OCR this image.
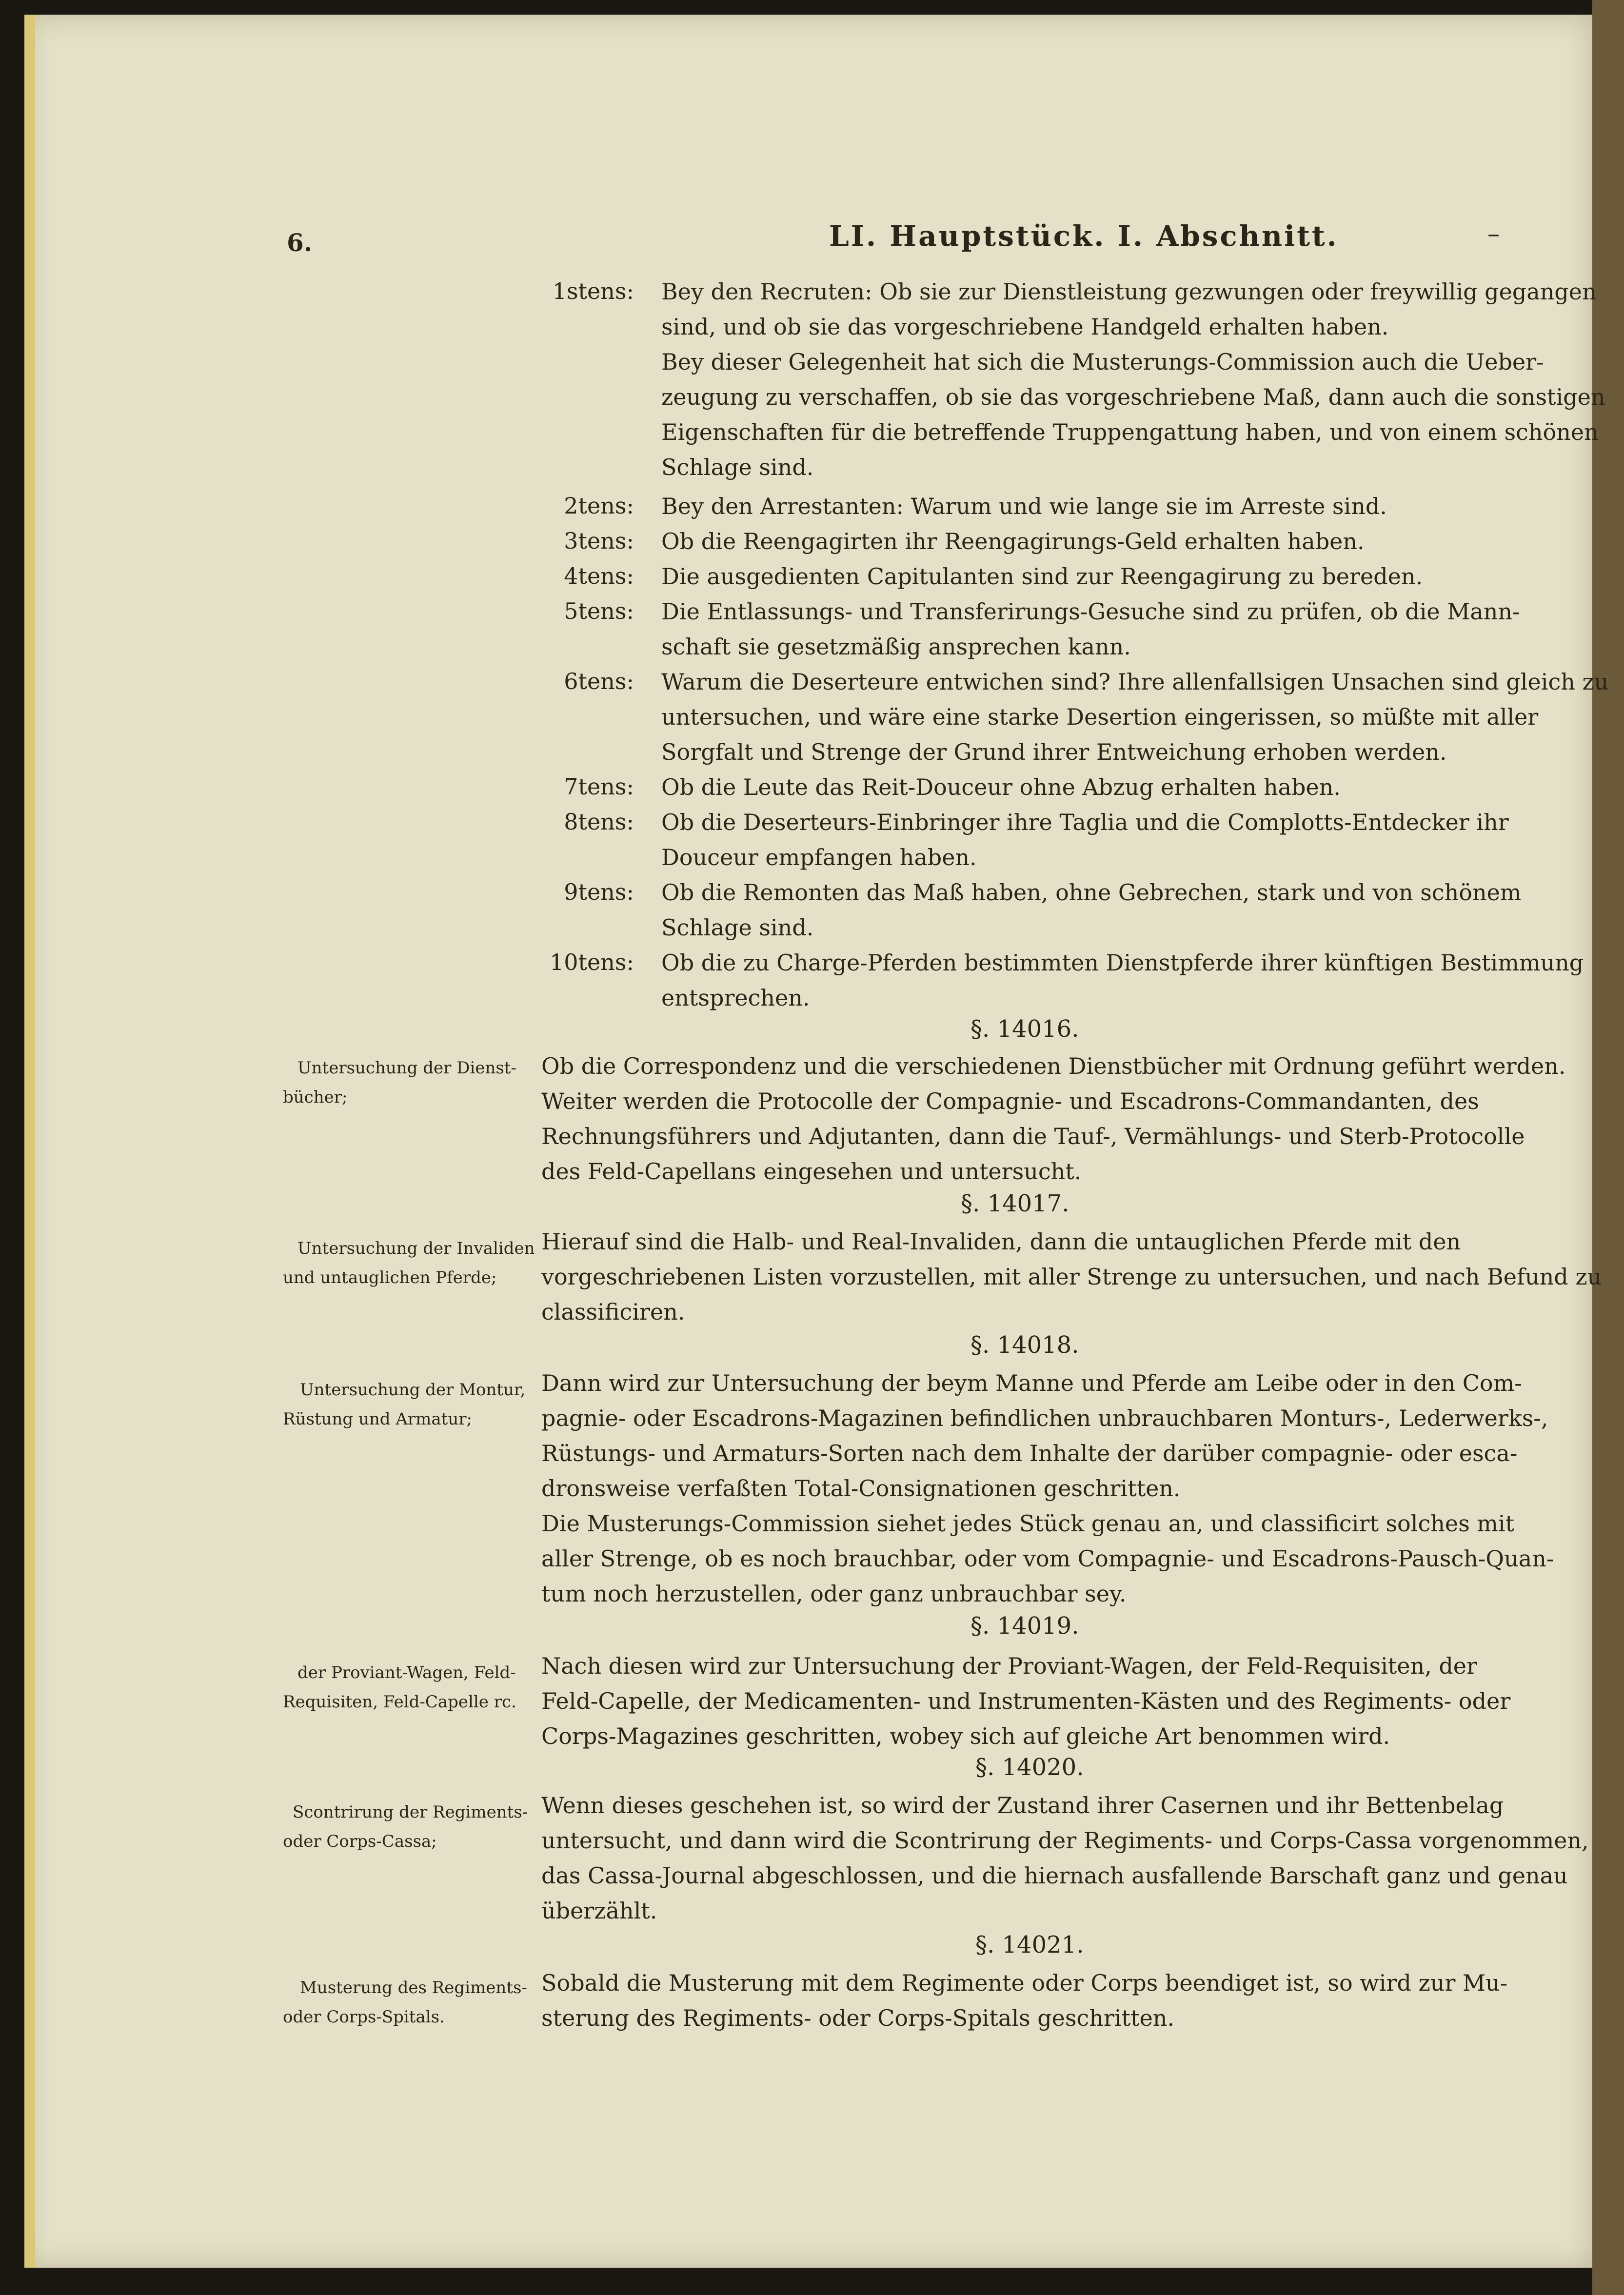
6.	LI. Hauptstück. I. Abschnitt.	–
1stens: Bey den Recruten: Ob sie zur Dienstleistung gezwungen oder freywillig gegangen
sind, und ob sie das vorgeschriebene Handgeld erhalten haben.
Bey dieser Gelegenheit hat sich die Musterungs-Commission auch die Ueber-
zeugung zu verschaffen, ob sie das vorgeschriebene Maß, dann auch die sonstigen
Eigenschaften für die betreffende Truppengattung haben, und von einem schönen
Schlage sind.
2tens: Bey den Arrestanten: Warum und wie lange sie im Arreste sind.
3tens: Ob die Reengagirten ihr Reengagirungs-Geld erhalten haben.
4tens: Die ausgedienten Capitulanten sind zur Reengagirung zu bereden.
5tens: Die Entlassungs- und Transferirungs-Gesuche sind zu prüfen, ob die Mann-
schaft sie gesetzmäßig ansprechen kann.
6tens: Warum die Deserteure entwichen sind? Ihre allenfallsigen Unsachen sind gleich zu
untersuchen, und wäre eine starke Desertion eingerissen, so müßte mit aller
Sorgfalt und Strenge der Grund ihrer Entweichung erhoben werden.
7tens: Ob die Leute das Reit-Douceur ohne Abzug erhalten haben.
8tens: Ob die Deserteurs-Einbringer ihre Taglia und die Complotts-Entdecker ihr
Douceur empfangen haben.
9tens: Ob die Remonten das Maß haben, ohne Gebrechen, stark und von schönem
Schlage sind.
10tens: Ob die zu Charge-Pferden bestimmten Dienstpferde ihrer künftigen Bestimmung
entsprechen.
§. 14016.
Untersuchung der Dienst-
bücher;
Ob die Correspondenz und die verschiedenen Dienstbücher mit Ordnung geführt werden.
Weiter werden die Protocolle der Compagnie- und Escadrons-Commandanten, des
Rechnungsführers und Adjutanten, dann die Tauf-, Vermählungs- und Sterb-Protocolle
des Feld-Capellans eingesehen und untersucht.
§. 14017.
Untersuchung der Invaliden
und untauglichen Pferde;
Hierauf sind die Halb- und Real-Invaliden, dann die untauglichen Pferde mit den
vorgeschriebenen Listen vorzustellen, mit aller Strenge zu untersuchen, und nach Befund zu
classificiren.
§. 14018.
Untersuchung der Montur,
Rüstung und Armatur;
Dann wird zur Untersuchung der beym Manne und Pferde am Leibe oder in den Com-
pagnie- oder Escadrons-Magazinen befindlichen unbrauchbaren Monturs-, Lederwerks-,
Rüstungs- und Armaturs-Sorten nach dem Inhalte der darüber compagnie- oder esca-
dronsweise verfaßten Total-Consignationen geschritten.
Die Musterungs-Commission siehet jedes Stück genau an, und classificirt solches mit
aller Strenge, ob es noch brauchbar, oder vom Compagnie- und Escadrons-Pausch-Quan-
tum noch herzustellen, oder ganz unbrauchbar sey.
§. 14019.
der Proviant-Wagen, Feld-
Requisiten, Feld-Capelle rc.
Nach diesen wird zur Untersuchung der Proviant-Wagen, der Feld-Requisiten, der
Feld-Capelle, der Medicamenten- und Instrumenten-Kästen und des Regiments- oder
Corps-Magazines geschritten, wobey sich auf gleiche Art benommen wird.
§. 14020.
Scontrirung der Regiments-
oder Corps-Cassa;
Wenn dieses geschehen ist, so wird der Zustand ihrer Casernen und ihr Bettenbelag
untersucht, und dann wird die Scontrirung der Regiments- und Corps-Cassa vorgenommen,
das Cassa-Journal abgeschlossen, und die hiernach ausfallende Barschaft ganz und genau
überzählt.
§. 14021.
Musterung des Regiments-
oder Corps-Spitals.
Sobald die Musterung mit dem Regimente oder Corps beendiget ist, so wird zur Mu-
sterung des Regiments- oder Corps-Spitals geschritten.
